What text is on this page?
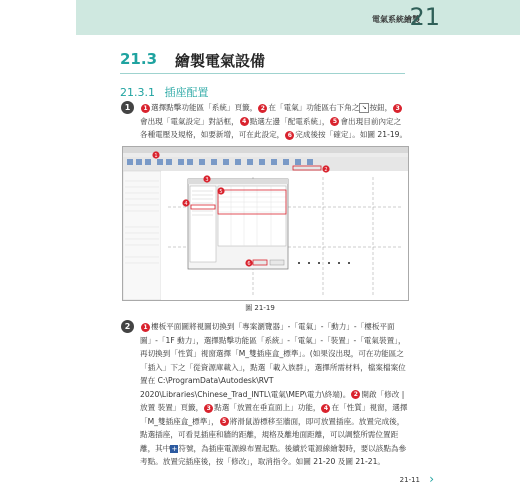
電氣系統繪製
21
21.3 繪製電氣設備
21.3.1 插座配置
1	1 選擇點擊功能區「系統」頁籤， 2 在「電氣」功能區右下角之 ↘ 按鈕， 3會出現「電氣設定」對話框， 4 點選左邊「配電系統」， 5 會出現目前內定之各種電壓及規格，如要新增，可在此設定， 6 完成後按「確定」。如圖 21-19。
1
2
3
4
5
6
圖 21-19
2	1 樓板平面圖將視圖切換到「專案瀏覽器」-「電氣」-「動力」-「樓板平面圖」-「1F 動力」，選擇點擊功能區「系統」-「電氣」-「裝置」-「電氣裝置」，再切換到「性質」視窗選擇「M_雙插座盒_標準」。(如果沒出現，可在功能區之「插入」下之「從資源庫載入」，點選「載入族群」，選擇所需材料，檔案檔案位置在 C:\ProgramData\Autodesk\RVT 2020\Libraries\Chinese_Trad_INTL\電氣\MEP\電力\終端)。 2 開啟「修改 | 放置 裝置」頁籤， 3 點選「放置在垂直面上」功能， 4 在「性質」視窗，選擇「M_雙插座盒_標準」， 5 將滑鼠游標移至牆面，即可放置插座。放置完成後，點選插座，可看見插座和牆的距離，規格及離地面距離，可以調整所需位置距離，其中+符號，為插座電源線布置起點。後續於電源線繪製時，要以該點為參考點。放置完插座後，按「修改」，取消指令。如圖 21-20 及圖 21-21。
21-11 ›
